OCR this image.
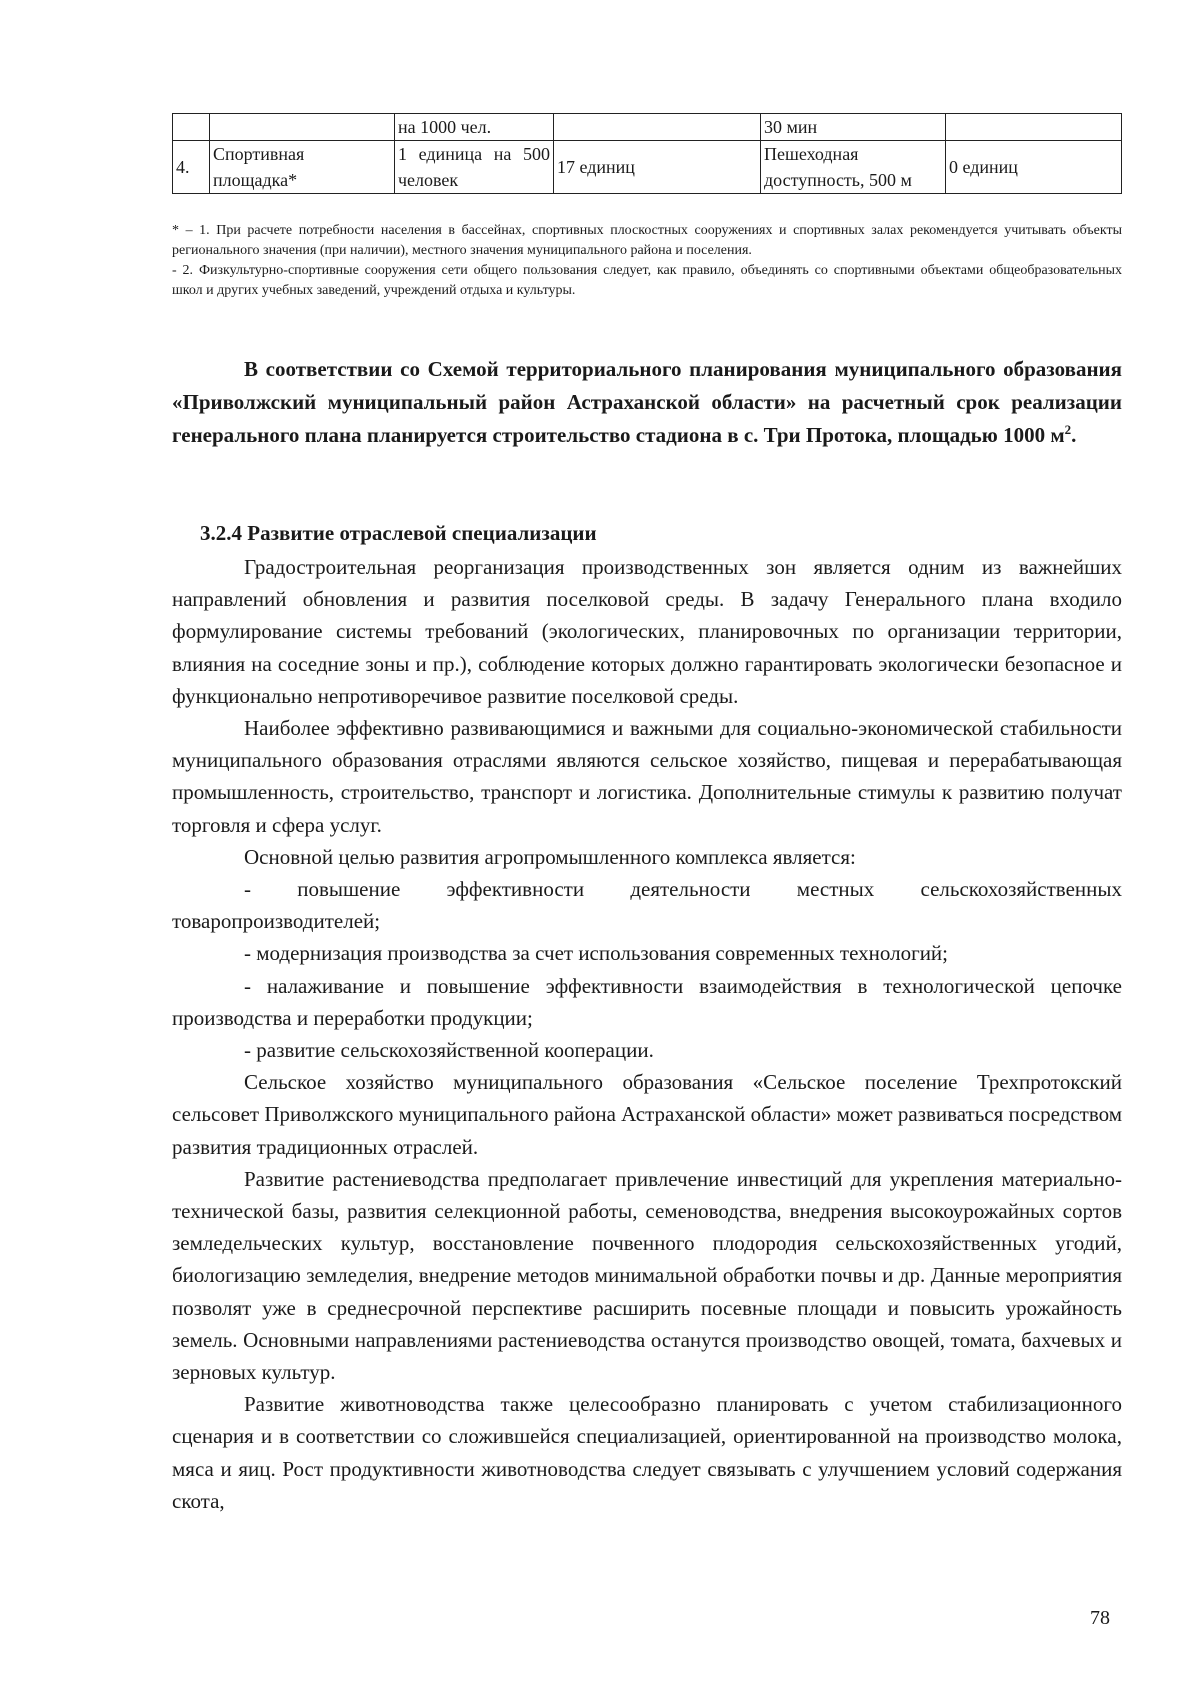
		на 1000 чел.		30 мин	
4.	Спортивная площадка*	1 единица на 500 человек	17 единиц	Пешеходная доступность, 500 м	0 единиц

* – 1. При расчете потребности населения в бассейнах, спортивных плоскостных сооружениях и спортивных залах рекомендуется учитывать объекты регионального значения (при наличии), местного значения муниципального района и поселения.

- 2. Физкультурно-спортивные сооружения сети общего пользования следует, как правило, объединять со спортивными объектами общеобразовательных школ и других учебных заведений, учреждений отдыха и культуры.

В соответствии со Схемой территориального планирования муниципального образования «Приволжский муниципальный район Астраханской области» на расчетный срок реализации генерального плана планируется строительство стадиона в с. Три Протока, площадью 1000 $м^2$.

3.2.4 Развитие отраслевой специализации

Градостроительная реорганизация производственных зон является одним из важнейших направлений обновления и развития поселковой среды. В задачу Генерального плана входило формулирование системы требований (экологических, планировочных по организации территории, влияния на соседние зоны и пр.), соблюдение которых должно гарантировать экологически безопасное и функционально непротиворечивое развитие поселковой среды.

Наиболее эффективно развивающимися и важными для социально-экономической стабильности муниципального образования отраслями являются сельское хозяйство, пищевая и перерабатывающая промышленность, строительство, транспорт и логистика. Дополнительные стимулы к развитию получат торговля и сфера услуг.

Основной целью развития агропромышленного комплекса является:

- повышение эффективности деятельности местных сельскохозяйственных товаропроизводителей;

- модернизация производства за счет использования современных технологий;

- налаживание и повышение эффективности взаимодействия в технологической цепочке производства и переработки продукции;

- развитие сельскохозяйственной кооперации.

Сельское хозяйство муниципального образования «Сельское поселение Трехпротокский сельсовет Приволжского муниципального района Астраханской области» может развиваться посредством развития традиционных отраслей.

Развитие растениеводства предполагает привлечение инвестиций для укрепления материально-технической базы, развития селекционной работы, семеноводства, внедрения высокоурожайных сортов земледельческих культур, восстановление почвенного плодородия сельскохозяйственных угодий, биологизацию земледелия, внедрение методов минимальной обработки почвы и др. Данные мероприятия позволят уже в среднесрочной перспективе расширить посевные площади и повысить урожайность земель. Основными направлениями растениеводства останутся производство овощей, томата, бахчевых и зерновых культур.

Развитие животноводства также целесообразно планировать с учетом стабилизационного сценария и в соответствии со сложившейся специализацией, ориентированной на производство молока, мяса и яиц. Рост продуктивности животноводства следует связывать с улучшением условий содержания скота,

78
